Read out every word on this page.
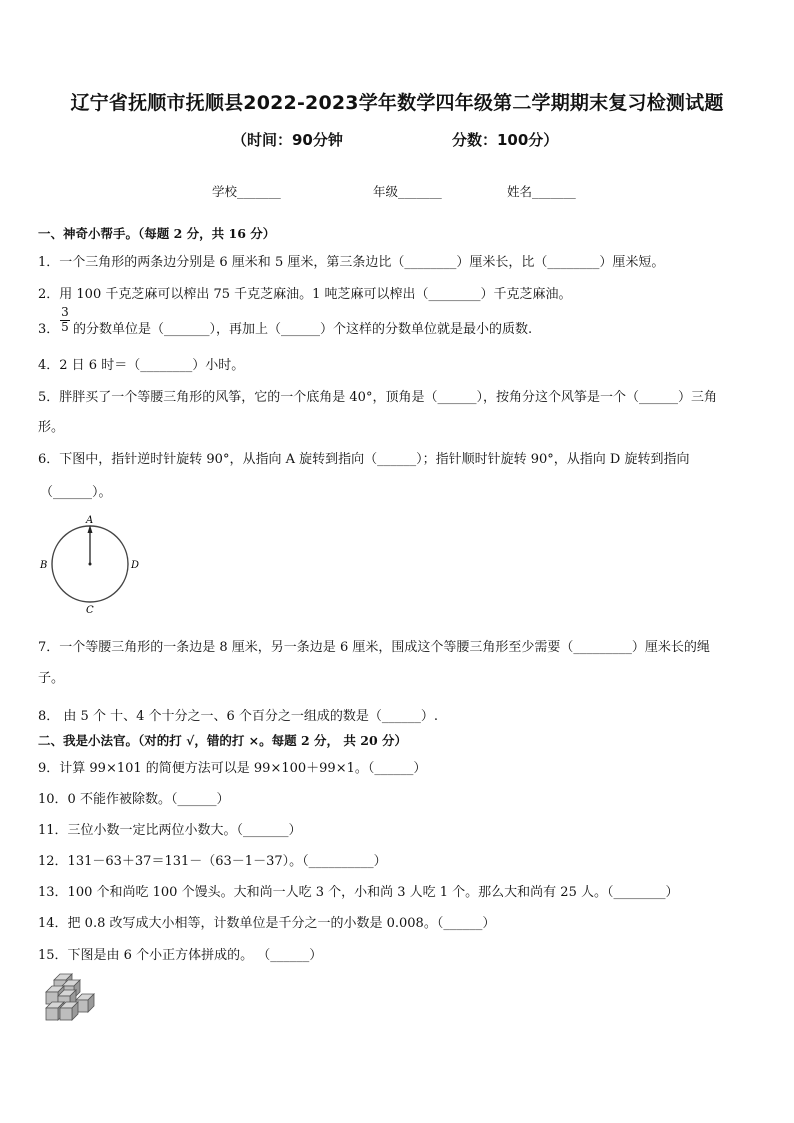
辽宁省抚顺市抚顺县2022-2023学年数学四年级第二学期期末复习检测试题
（时间：90分钟	分数：100分）
学校_______	年级_______	姓名_______
一、神奇小帮手。（每题 2 分，共 16 分）
1．一个三角形的两条边分别是 6 厘米和 5 厘米，第三条边比（________）厘米长，比（________）厘米短。
2．用 100 千克芝麻可以榨出 75 千克芝麻油。1 吨芝麻可以榨出（________）千克芝麻油。
3．
3
5 的分数单位是（_______），再加上（______）个这样的分数单位就是最小的质数.
4．2 日 6 时＝（________）小时。
5．胖胖买了一个等腰三角形的风筝，它的一个底角是 40°，顶角是（______），按角分这个风筝是一个（______）三角
形。
6．下图中，指针逆时针旋转 90°，从指向 A 旋转到指向（______）；指针顺时针旋转 90°，从指向 D 旋转到指向
（______）。
A
B
C
D
7．一个等腰三角形的一条边是 8 厘米，另一条边是 6 厘米，围成这个等腰三角形至少需要（_________）厘米长的绳
子。
8． 由 5 个 十、4 个十分之一、6 个百分之一组成的数是（______）.
二、我是小法官。（对的打 √，错的打 ×。每题 2 分， 共 20 分）
9．计算 99×101 的简便方法可以是 99×100＋99×1。（______）
10．0 不能作被除数。（______）
11．三位小数一定比两位小数大。（_______）
12．131－63＋37＝131－（63－1－37）。（__________）
13．100 个和尚吃 100 个馒头。大和尚一人吃 3 个，小和尚 3 人吃 1 个。那么大和尚有 25 人。（________）
14．把 0.8 改写成大小相等，计数单位是千分之一的小数是 0.008。（______）
15．下图是由 6 个小正方体拼成的。 （______）
